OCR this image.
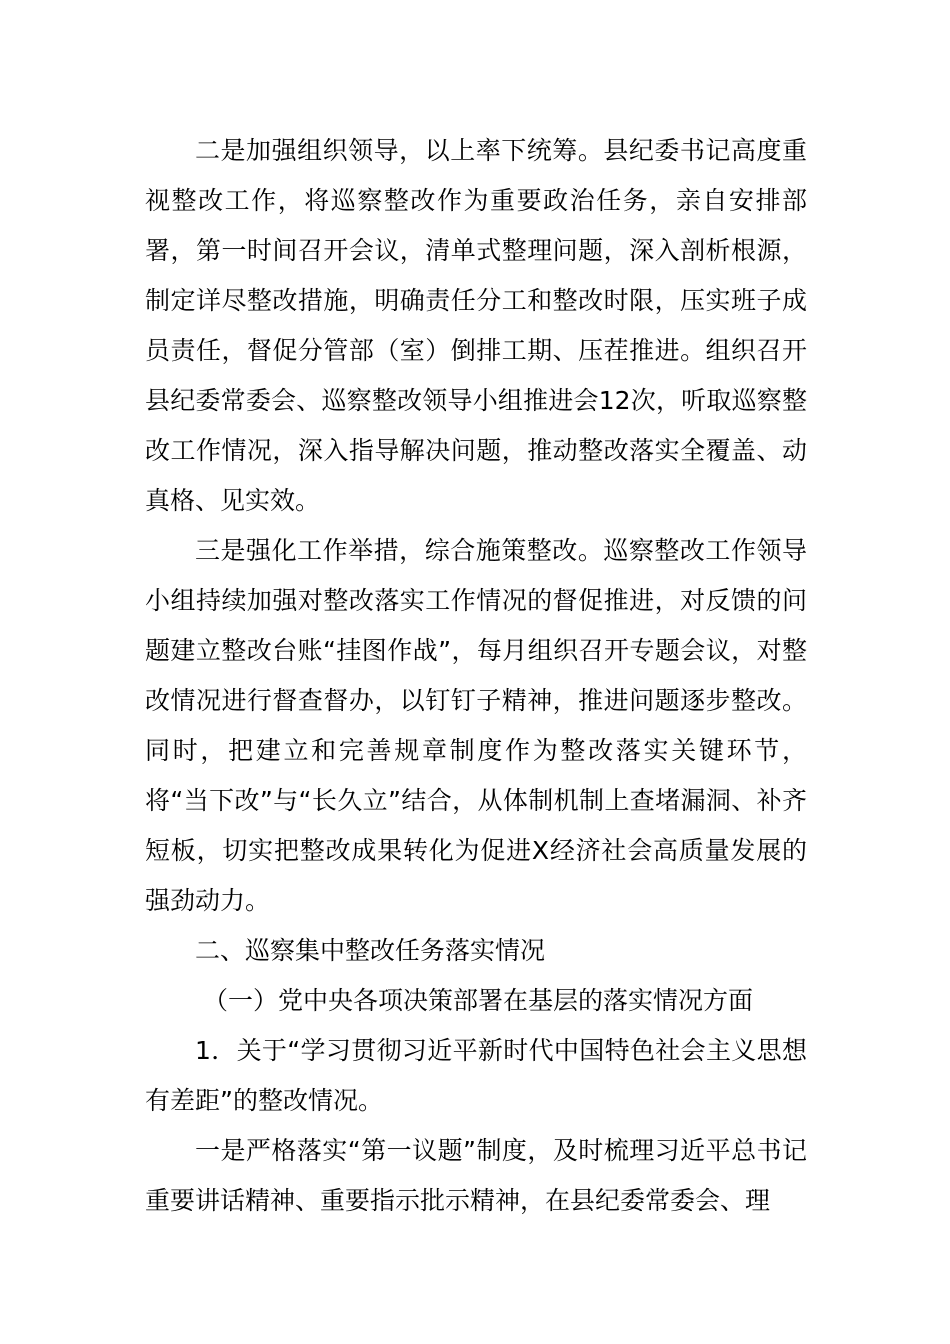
二是加强组织领导，以上率下统筹。县纪委书记高度重视整改工作，将巡察整改作为重要政治任务，亲自安排部署，第一时间召开会议，清单式整理问题，深入剖析根源，制定详尽整改措施，明确责任分工和整改时限，压实班子成员责任，督促分管部（室）倒排工期、压茬推进。组织召开县纪委常委会、巡察整改领导小组推进会12次，听取巡察整改工作情况，深入指导解决问题，推动整改落实全覆盖、动真格、见实效。

三是强化工作举措，综合施策整改。巡察整改工作领导小组持续加强对整改落实工作情况的督促推进，对反馈的问题建立整改台账“挂图作战”，每月组织召开专题会议，对整改情况进行督查督办，以钉钉子精神，推进问题逐步整改。同时，把建立和完善规章制度作为整改落实关键环节，将“当下改”与“长久立”结合，从体制机制上查堵漏洞、补齐短板，切实把整改成果转化为促进X经济社会高质量发展的强劲动力。

二、巡察集中整改任务落实情况

（一）党中央各项决策部署在基层的落实情况方面

1．关于“学习贯彻习近平新时代中国特色社会主义思想有差距”的整改情况。

一是严格落实“第一议题”制度，及时梳理习近平总书记重要讲话精神、重要指示批示精神，在县纪委常委会、理
